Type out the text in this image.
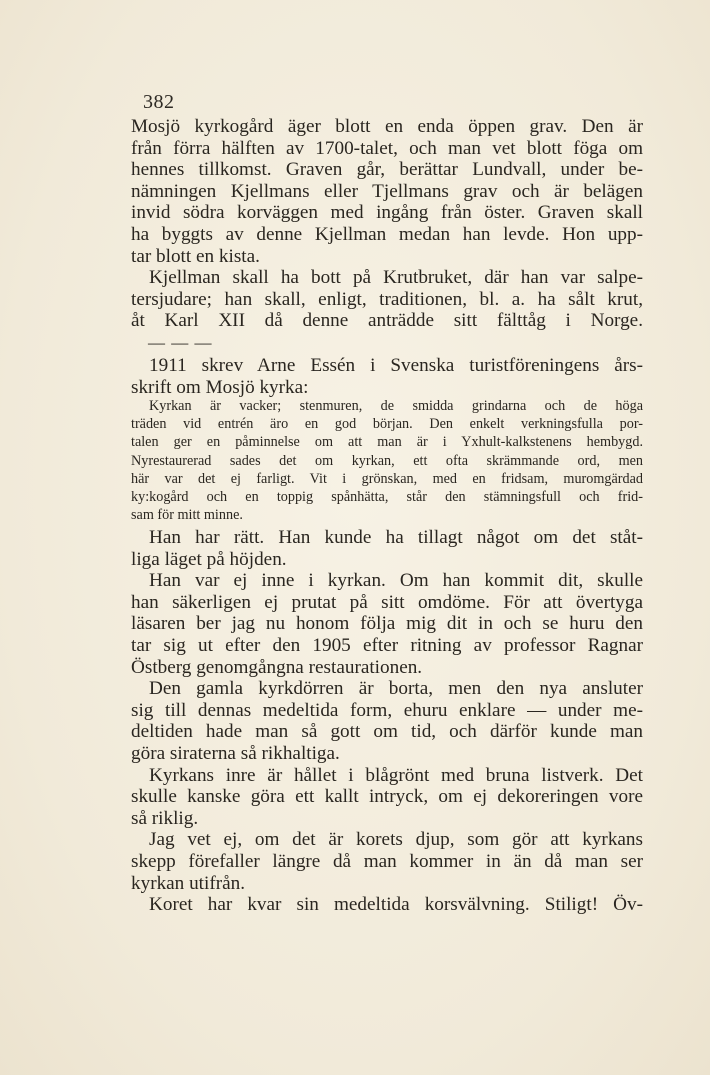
382
Mosjö kyrkogård äger blott en enda öppen grav. Den är
från förra hälften av 1700-talet, och man vet blott föga om
hennes tillkomst. Graven går, berättar Lundvall, under be-
nämningen Kjellmans eller Tjellmans grav och är belägen
invid södra korväggen med ingång från öster. Graven skall
ha byggts av denne Kjellman medan han levde. Hon upp-
tar blott en kista.
Kjellman skall ha bott på Krutbruket, där han var salpe-
tersjudare; han skall, enligt, traditionen, bl. a. ha sålt krut,
åt Karl XII då denne anträdde sitt fälttåg i Norge.
— — —
1911 skrev Arne Essén i Svenska turistföreningens års-
skrift om Mosjö kyrka:
Kyrkan är vacker; stenmuren, de smidda grindarna och de höga
träden vid entrén äro en god början. Den enkelt verkningsfulla por-
talen ger en påminnelse om att man är i Yxhult-kalkstenens hembygd.
Nyrestaurerad sades det om kyrkan, ett ofta skrämmande ord, men
här var det ej farligt. Vit i grönskan, med en fridsam, muromgärdad
ky:kogård och en toppig spånhätta, står den stämningsfull och frid-
sam för mitt minne.
Han har rätt. Han kunde ha tillagt något om det ståt-
liga läget på höjden.
Han var ej inne i kyrkan. Om han kommit dit, skulle
han säkerligen ej prutat på sitt omdöme. För att övertyga
läsaren ber jag nu honom följa mig dit in och se huru den
tar sig ut efter den 1905 efter ritning av professor Ragnar
Östberg genomgångna restaurationen.
Den gamla kyrkdörren är borta, men den nya ansluter
sig till dennas medeltida form, ehuru enklare — under me-
deltiden hade man så gott om tid, och därför kunde man
göra siraterna så rikhaltiga.
Kyrkans inre är hållet i blågrönt med bruna listverk. Det
skulle kanske göra ett kallt intryck, om ej dekoreringen vore
så riklig.
Jag vet ej, om det är korets djup, som gör att kyrkans
skepp förefaller längre då man kommer in än då man ser
kyrkan utifrån.
Koret har kvar sin medeltida korsvälvning. Stiligt! Öv-
